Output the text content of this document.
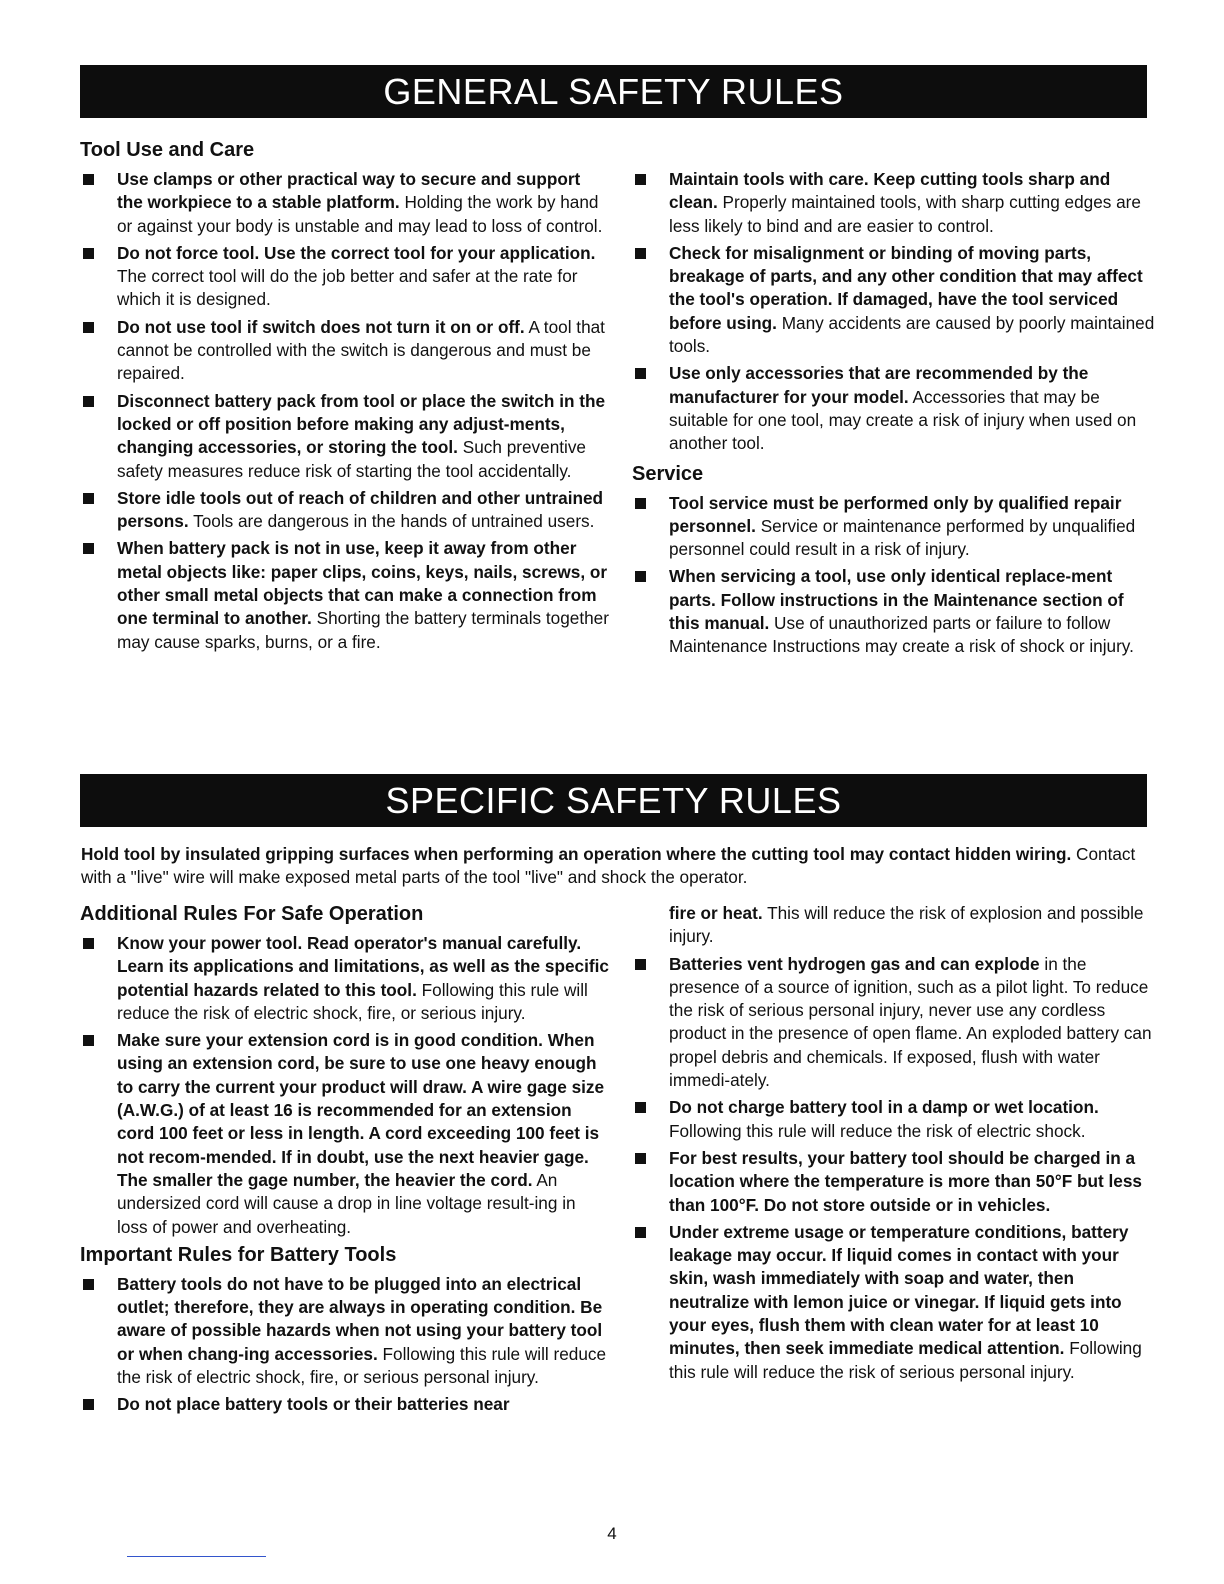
GENERAL SAFETY RULES
Tool Use and Care
Use clamps or other practical way to secure and support the workpiece to a stable platform. Holding the work by hand or against your body is unstable and may lead to loss of control.
Do not force tool. Use the correct tool for your application. The correct tool will do the job better and safer at the rate for which it is designed.
Do not use tool if switch does not turn it on or off. A tool that cannot be controlled with the switch is dangerous and must be repaired.
Disconnect battery pack from tool or place the switch in the locked or off position before making any adjust-ments, changing accessories, or storing the tool. Such preventive safety measures reduce risk of starting the tool accidentally.
Store idle tools out of reach of children and other untrained persons. Tools are dangerous in the hands of untrained users.
When battery pack is not in use, keep it away from other metal objects like: paper clips, coins, keys, nails, screws, or other small metal objects that can make a connection from one terminal to another. Shorting the battery terminals together may cause sparks, burns, or a fire.
Maintain tools with care. Keep cutting tools sharp and clean. Properly maintained tools, with sharp cutting edges are less likely to bind and are easier to control.
Check for misalignment or binding of moving parts, breakage of parts, and any other condition that may affect the tool's operation. If damaged, have the tool serviced before using. Many accidents are caused by poorly maintained tools.
Use only accessories that are recommended by the manufacturer for your model. Accessories that may be suitable for one tool, may create a risk of injury when used on another tool.
Service
Tool service must be performed only by qualified repair personnel. Service or maintenance performed by unqualified personnel could result in a risk of injury.
When servicing a tool, use only identical replace-ment parts. Follow instructions in the Maintenance section of this manual. Use of unauthorized parts or failure to follow Maintenance Instructions may create a risk of shock or injury.
SPECIFIC SAFETY RULES
Hold tool by insulated gripping surfaces when performing an operation where the cutting tool may contact hidden wiring. Contact with a "live" wire will make exposed metal parts of the tool "live" and shock the operator.
Additional Rules For Safe Operation
Know your power tool. Read operator's manual carefully. Learn its applications and limitations, as well as the specific potential hazards related to this tool. Following this rule will reduce the risk of electric shock, fire, or serious injury.
Make sure your extension cord is in good condition. When using an extension cord, be sure to use one heavy enough to carry the current your product will draw. A wire gage size (A.W.G.) of at least 16 is recommended for an extension cord 100 feet or less in length. A cord exceeding 100 feet is not recom-mended. If in doubt, use the next heavier gage. The smaller the gage number, the heavier the cord. An undersized cord will cause a drop in line voltage result-ing in loss of power and overheating.
Important Rules for Battery Tools
Battery tools do not have to be plugged into an electrical outlet; therefore, they are always in operating condition. Be aware of possible hazards when not using your battery tool or when chang-ing accessories. Following this rule will reduce the risk of electric shock, fire, or serious personal injury.
Do not place battery tools or their batteries near
fire or heat. This will reduce the risk of explosion and possible injury.
Batteries vent hydrogen gas and can explode in the presence of a source of ignition, such as a pilot light. To reduce the risk of serious personal injury, never use any cordless product in the presence of open flame. An exploded battery can propel debris and chemicals. If exposed, flush with water immedi-ately.
Do not charge battery tool in a damp or wet location. Following this rule will reduce the risk of electric shock.
For best results, your battery tool should be charged in a location where the temperature is more than 50°F but less than 100°F. Do not store outside or in vehicles.
Under extreme usage or temperature conditions, battery leakage may occur. If liquid comes in contact with your skin, wash immediately with soap and water, then neutralize with lemon juice or vinegar. If liquid gets into your eyes, flush them with clean water for at least 10 minutes, then seek immediate medical attention. Following this rule will reduce the risk of serious personal injury.
4
